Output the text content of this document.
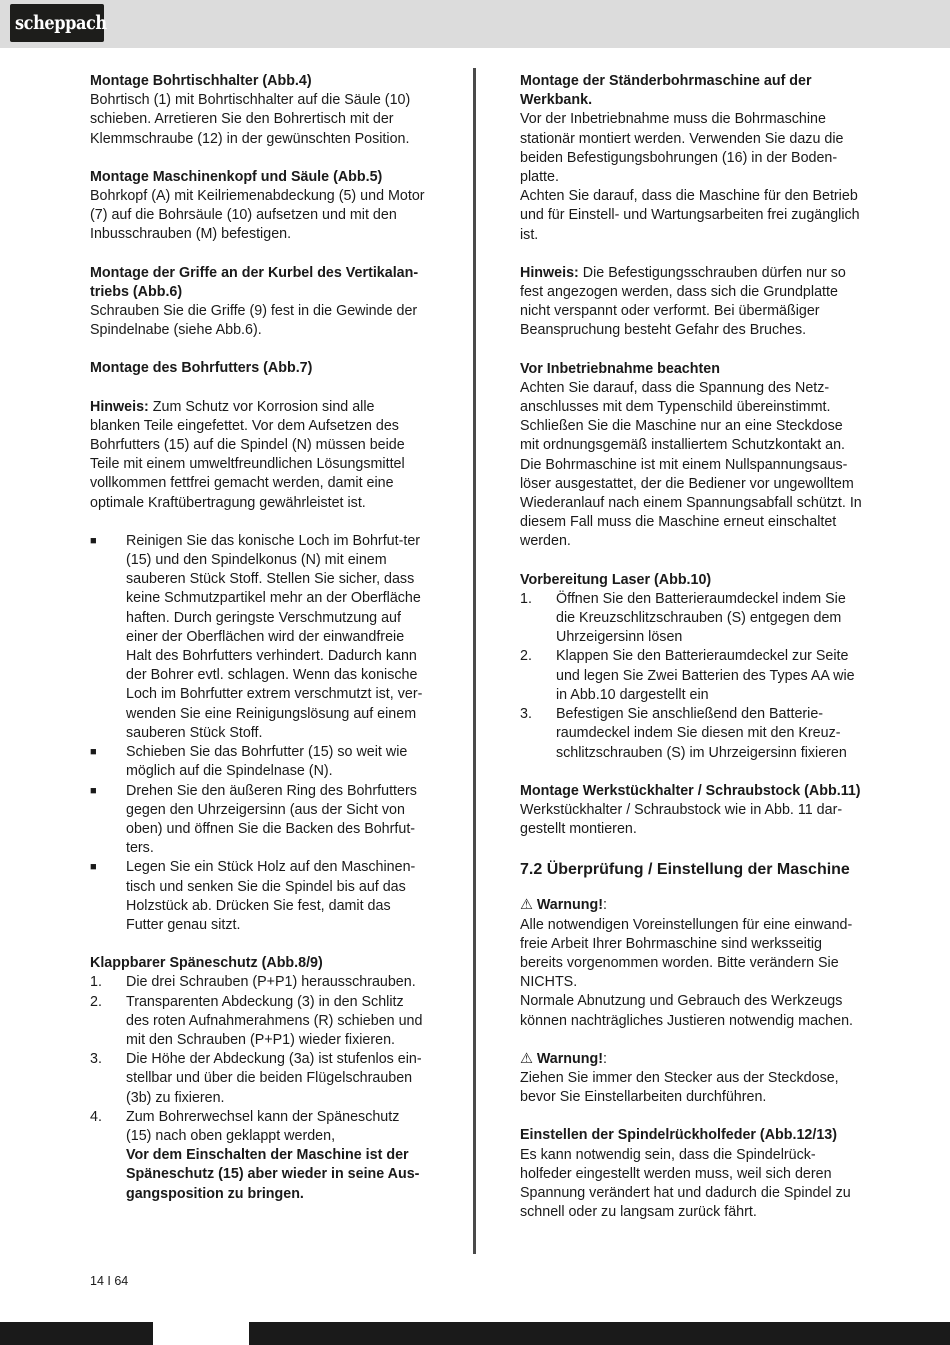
scheppach

Montage Bohrtischhalter (Abb.4)

Bohrtisch (1) mit Bohrtischhalter auf die Säule (10) schieben. Arretieren Sie den Bohrertisch mit der Klemmschraube (12) in der gewünschten Position.

Montage Maschinenkopf und Säule (Abb.5)

Bohrkopf (A) mit Keilriemenabdeckung (5) und Motor (7) auf die Bohrsäule (10) aufsetzen und mit den Inbusschrauben (M) befestigen.

Montage der Griffe an der Kurbel des Vertikalan-triebs (Abb.6)

Schrauben Sie die Griffe (9) fest in die Gewinde der Spindelnabe (siehe Abb.6).

Montage des Bohrfutters (Abb.7)

Hinweis: Zum Schutz vor Korrosion sind alle blanken Teile eingefettet. Vor dem Aufsetzen des Bohrfutters (15) auf die Spindel (N) müssen beide Teile mit einem umweltfreundlichen Lösungsmittel vollkommen fettfrei gemacht werden, damit eine optimale Kraftübertragung gewährleistet ist.

■	Reinigen Sie das konische Loch im Bohrfut-ter (15) und den Spindelkonus (N) mit einem sauberen Stück Stoff. Stellen Sie sicher, dass keine Schmutzpartikel mehr an der Oberfläche haften. Durch geringste Verschmutzung auf einer der Oberflächen wird der einwandfreie Halt des Bohrfutters verhindert. Dadurch kann der Bohrer evtl. schlagen. Wenn das konische Loch im Bohrfutter extrem verschmutzt ist, ver-wenden Sie eine Reinigungslösung auf einem sauberen Stück Stoff.
■	Schieben Sie das Bohrfutter (15) so weit wie möglich auf die Spindelnase (N).
■	Drehen Sie den äußeren Ring des Bohrfutters gegen den Uhrzeigersinn (aus der Sicht von oben) und öffnen Sie die Backen des Bohrfut-ters.
■	Legen Sie ein Stück Holz auf den Maschinen-tisch und senken Sie die Spindel bis auf das Holzstück ab. Drücken Sie fest, damit das Futter genau sitzt.

Klappbarer Späneschutz (Abb.8/9)

1.	Die drei Schrauben (P+P1) herausschrauben.
2.	Transparenten Abdeckung (3) in den Schlitz des roten Aufnahmerahmens (R) schieben und mit den Schrauben (P+P1) wieder fixieren.
3.	Die Höhe der Abdeckung (3a) ist stufenlos ein-stellbar und über die beiden Flügelschrauben (3b) zu fixieren.
4.	Zum Bohrerwechsel kann der Späneschutz (15) nach oben geklappt werden,
Vor dem Einschalten der Maschine ist der Späneschutz (15) aber wieder in seine Aus-gangsposition zu bringen.

Montage der Ständerbohrmaschine auf der Werkbank.

Vor der Inbetriebnahme muss die Bohrmaschine stationär montiert werden. Verwenden Sie dazu die beiden Befestigungsbohrungen (16) in der Boden-platte.

Achten Sie darauf, dass die Maschine für den Betrieb und für Einstell- und Wartungsarbeiten frei zugänglich ist.

Hinweis: Die Befestigungsschrauben dürfen nur so fest angezogen werden, dass sich die Grundplatte nicht verspannt oder verformt. Bei übermäßiger Beanspruchung besteht Gefahr des Bruches.

Vor Inbetriebnahme beachten

Achten Sie darauf, dass die Spannung des Netz-anschlusses mit dem Typenschild übereinstimmt. Schließen Sie die Maschine nur an eine Steckdose mit ordnungsgemäß installiertem Schutzkontakt an. Die Bohrmaschine ist mit einem Nullspannungsaus-löser ausgestattet, der die Bediener vor ungewolltem Wiederanlauf nach einem Spannungsabfall schützt. In diesem Fall muss die Maschine erneut einschaltet werden.

Vorbereitung Laser (Abb.10)

1.	Öffnen Sie den Batterieraumdeckel indem Sie die Kreuzschlitzschrauben (S) entgegen dem Uhrzeigersinn lösen
2.	Klappen Sie den Batterieraumdeckel zur Seite und legen Sie Zwei Batterien des Types AA wie in Abb.10 dargestellt ein
3.	Befestigen Sie anschließend den Batterie-raumdeckel indem Sie diesen mit den Kreuz-schlitzschrauben (S) im Uhrzeigersinn fixieren

Montage Werkstückhalter / Schraubstock (Abb.11)

Werkstückhalter / Schraubstock wie in Abb. 11 dar-gestellt montieren.

7.2 Überprüfung / Einstellung der Maschine

⚠ Warnung!:

Alle notwendigen Voreinstellungen für eine einwand-freie Arbeit Ihrer Bohrmaschine sind werksseitig bereits vorgenommen worden. Bitte verändern Sie NICHTS.

Normale Abnutzung und Gebrauch des Werkzeugs können nachträgliches Justieren notwendig machen.

⚠ Warnung!:

Ziehen Sie immer den Stecker aus der Steckdose, bevor Sie Einstellarbeiten durchführen.

Einstellen der Spindelrückholfeder (Abb.12/13)

Es kann notwendig sein, dass die Spindelrück-holfeder eingestellt werden muss, weil sich deren Spannung verändert hat und dadurch die Spindel zu schnell oder zu langsam zurück fährt.

14 I 64
